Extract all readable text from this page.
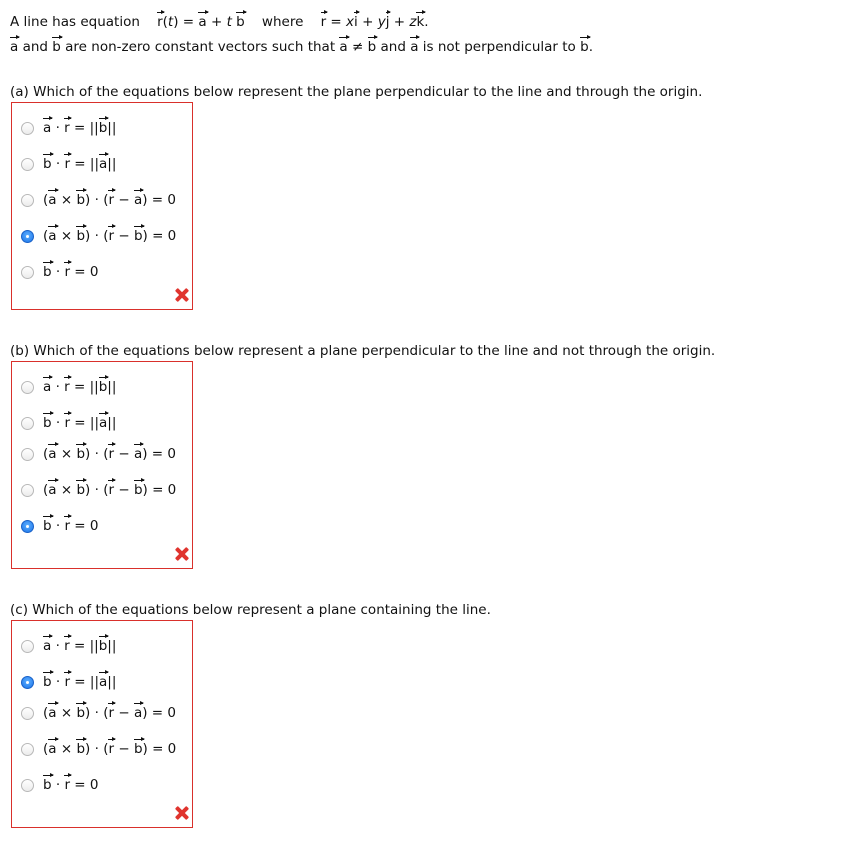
A line has equation r(t) = a + t b where r = xi + yj + zk.
a and b are non-zero constant vectors such that a ≠ b and a is not perpendicular to b.
(a) Which of the equations below represent the plane perpendicular to the line and through the origin.
a · r = ||b||
b · r = ||a||
(a × b) · (r − a) = 0
(a × b) · (r − b) = 0
b · r = 0
(b) Which of the equations below represent a plane perpendicular to the line and not through the origin.
a · r = ||b||
b · r = ||a||
(a × b) · (r − a) = 0
(a × b) · (r − b) = 0
b · r = 0
(c) Which of the equations below represent a plane containing the line.
a · r = ||b||
b · r = ||a||
(a × b) · (r − a) = 0
(a × b) · (r − b) = 0
b · r = 0
